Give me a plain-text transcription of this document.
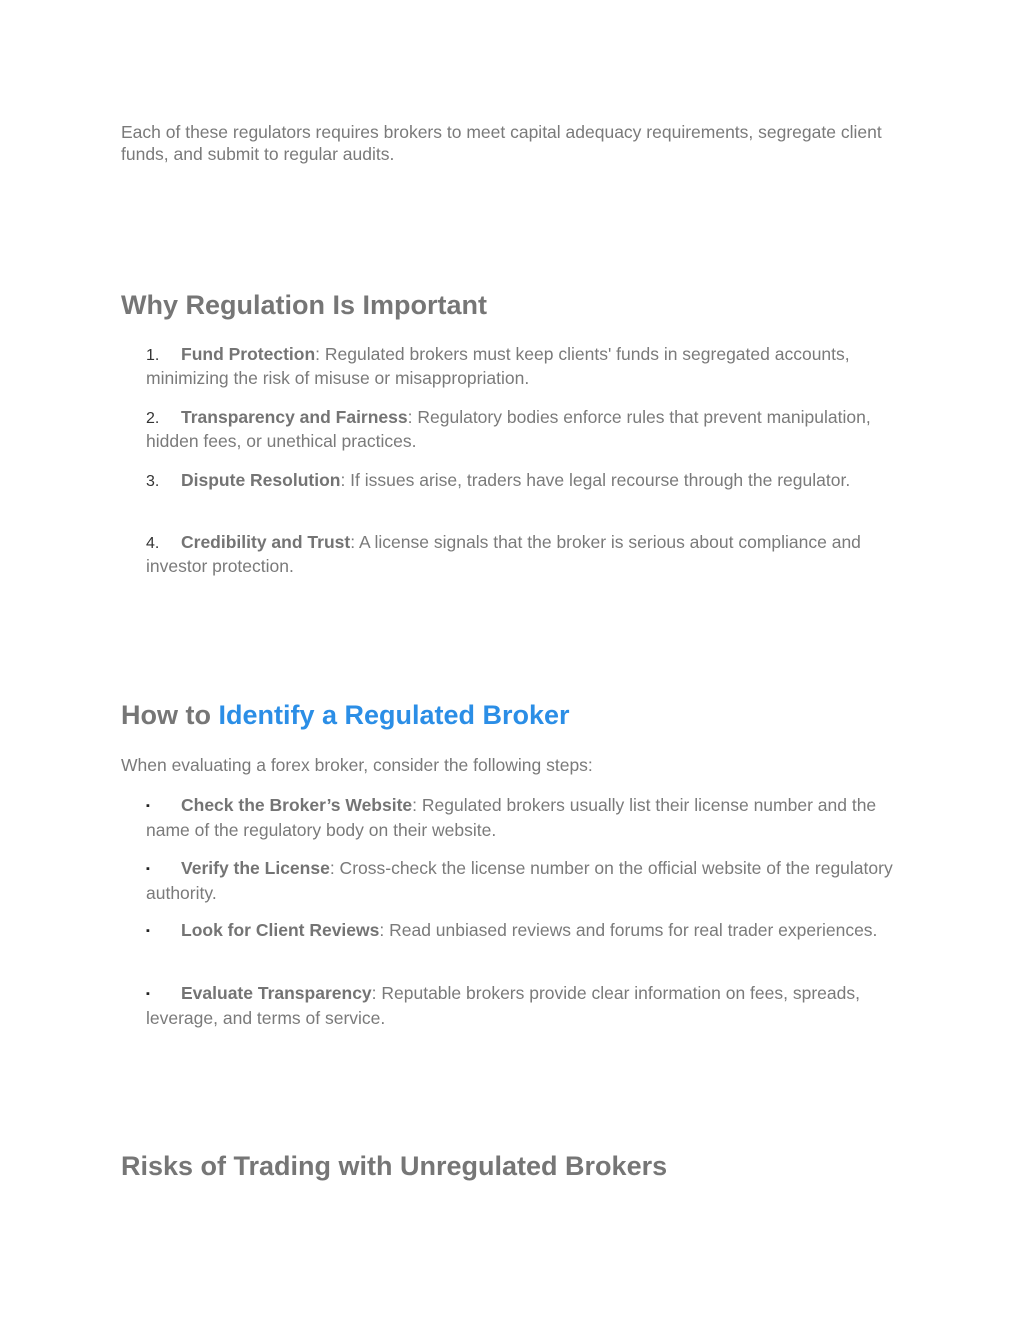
Each of these regulators requires brokers to meet capital adequacy requirements, segregate client funds, and submit to regular audits.

Why Regulation Is Important

1. Fund Protection: Regulated brokers must keep clients' funds in segregated accounts, minimizing the risk of misuse or misappropriation.

2. Transparency and Fairness: Regulatory bodies enforce rules that prevent manipulation, hidden fees, or unethical practices.

3. Dispute Resolution: If issues arise, traders have legal recourse through the regulator.

4. Credibility and Trust: A license signals that the broker is serious about compliance and investor protection.

How to Identify a Regulated Broker

When evaluating a forex broker, consider the following steps:

▪ Check the Broker’s Website: Regulated brokers usually list their license number and the name of the regulatory body on their website.

▪ Verify the License: Cross-check the license number on the official website of the regulatory authority.

▪ Look for Client Reviews: Read unbiased reviews and forums for real trader experiences.

▪ Evaluate Transparency: Reputable brokers provide clear information on fees, spreads, leverage, and terms of service.

Risks of Trading with Unregulated Brokers
